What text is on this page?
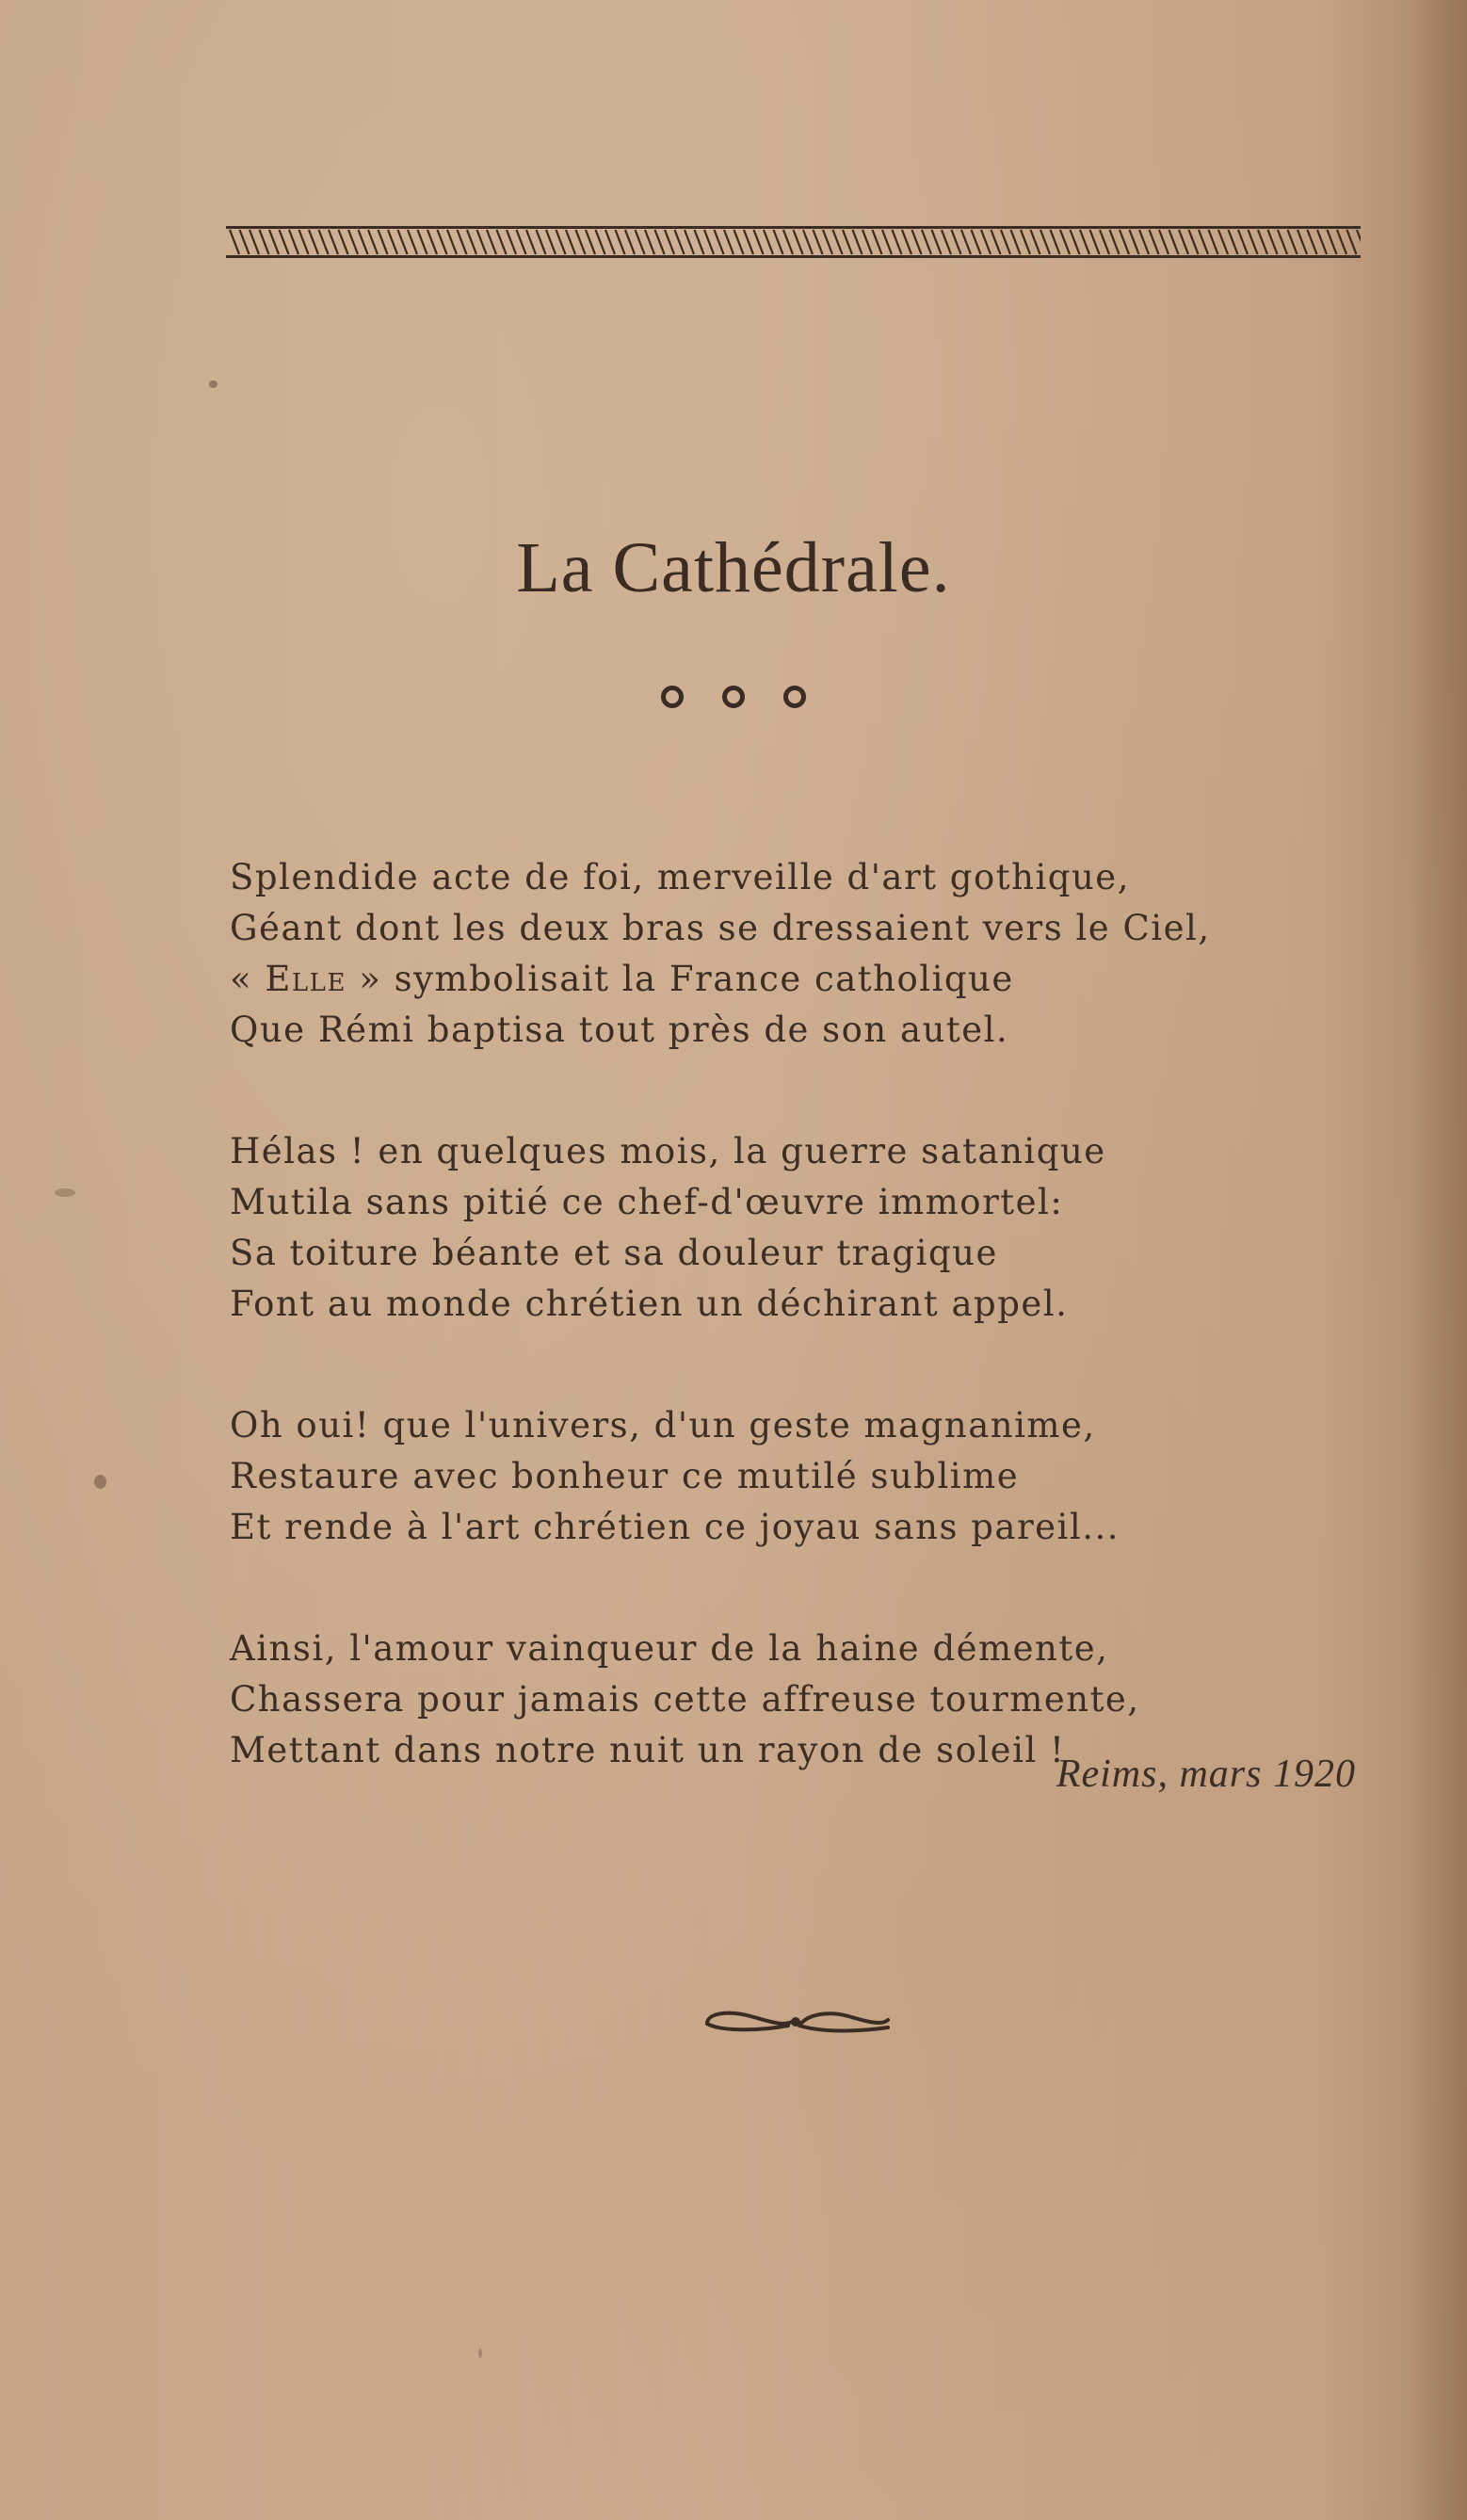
La Cathédrale.

Splendide acte de foi, merveille d'art gothique,
Géant dont les deux bras se dressaient vers le Ciel,
« Elle » symbolisait la France catholique
Que Rémi baptisa tout près de son autel.
Hélas ! en quelques mois, la guerre satanique
Mutila sans pitié ce chef-d'œuvre immortel:
Sa toiture béante et sa douleur tragique
Font au monde chrétien un déchirant appel.
Oh oui! que l'univers, d'un geste magnanime,
Restaure avec bonheur ce mutilé sublime
Et rende à l'art chrétien ce joyau sans pareil...
Ainsi, l'amour vainqueur de la haine démente,
Chassera pour jamais cette affreuse tourmente,
Mettant dans notre nuit un rayon de soleil !
Reims, mars 1920
